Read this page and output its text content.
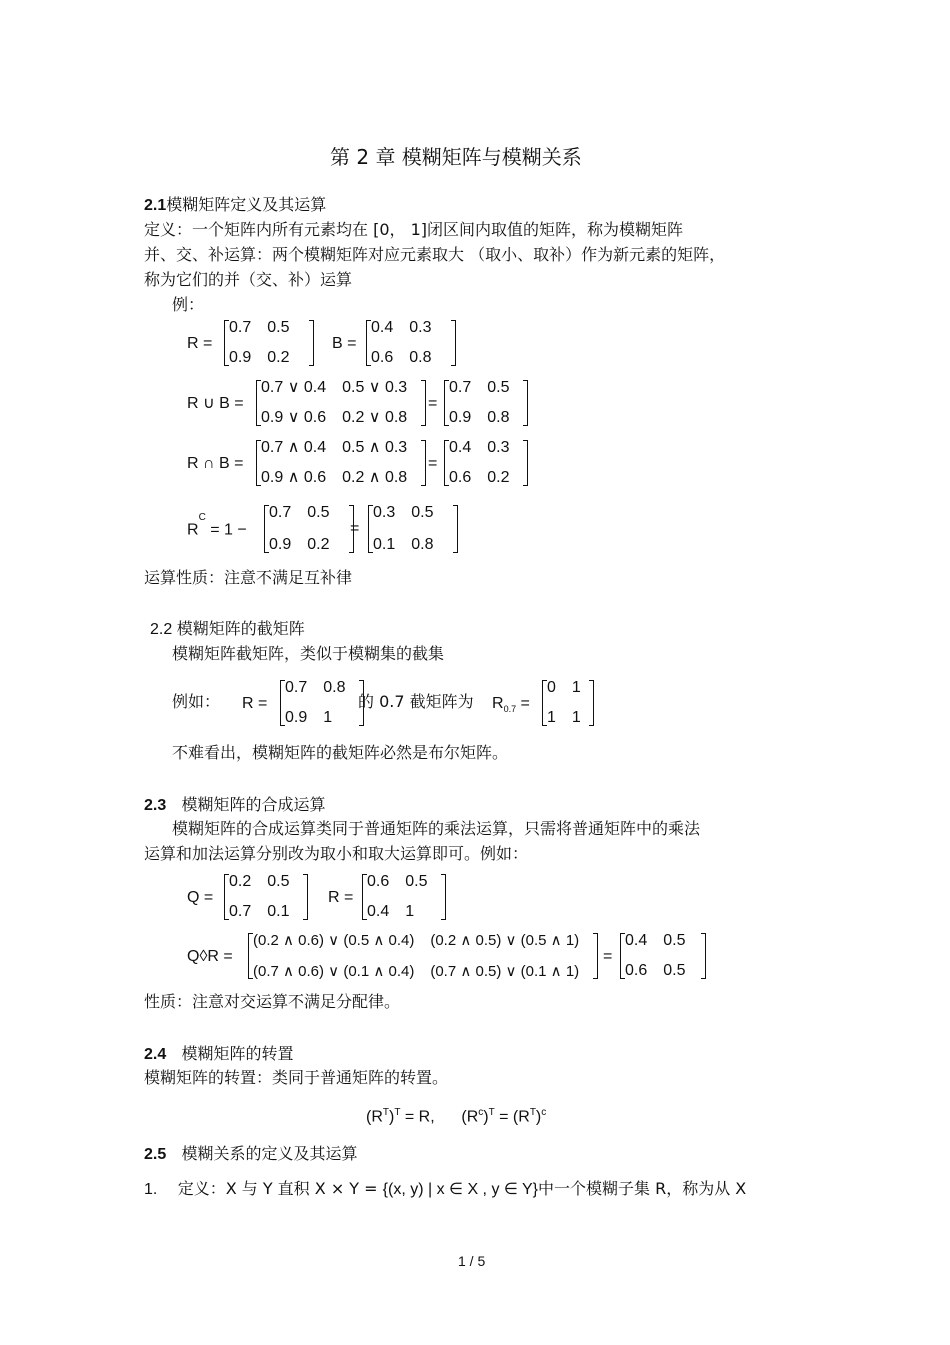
第 2 章 模糊矩阵与模糊关系
2.1模糊矩阵定义及其运算
定义：一个矩阵内所有元素均在 [0， 1]闭区间内取值的矩阵，称为模糊矩阵
并、交、补运算：两个模糊矩阵对应元素取大 （取小、取补）作为新元素的矩阵，
称为它们的并（交、补）运算
例：
R =
0.7 0.5
0.9 0.2
B =
0.4 0.3
0.6 0.8
R ∪ B =
0.7 ∨ 0.4 0.5 ∨ 0.3
0.9 ∨ 0.6 0.2 ∨ 0.8
=
0.7 0.5
0.9 0.8
R ∩ B =
0.7 ∧ 0.4 0.5 ∧ 0.3
0.9 ∧ 0.6 0.2 ∧ 0.8
=
0.4 0.3
0.6 0.2
$R^C = 1$ −
0.7 0.5
0.9 0.2
=
0.3 0.5
0.1 0.8
运算性质：注意不满足互补律
2.2 模糊矩阵的截矩阵
模糊矩阵截矩阵，类似于模糊集的截集
例如： R =
0.7 0.8
0.9 1
的 0.7 截矩阵为 $R_{0.7}$ =
0 1
1 1
不难看出，模糊矩阵的截矩阵必然是布尔矩阵。
2.3 模糊矩阵的合成运算
模糊矩阵的合成运算类同于普通矩阵的乘法运算，只需将普通矩阵中的乘法
运算和加法运算分别改为取小和取大运算即可。例如：
Q =
0.2 0.5
0.7 0.1
R =
0.6 0.5
0.4 1
Q◊R =
(0.2 ∧ 0.6) ∨ (0.5 ∧ 0.4) (0.2 ∧ 0.5) ∨ (0.5 ∧ 1)
(0.7 ∧ 0.6) ∨ (0.1 ∧ 0.4) (0.7 ∧ 0.5) ∨ (0.1 ∧ 1)
=
0.4 0.5
0.6 0.5
性质：注意对交运算不满足分配律。
2.4 模糊矩阵的转置
模糊矩阵的转置：类同于普通矩阵的转置。
$(R^T)^T = R$, $(R^c)^T = (R^T)^c$
2.5 模糊关系的定义及其运算
1. 定义：X 与 Y 直积 X × Y = {(x, y) | x ∈ X , y ∈ Y}中一个模糊子集 R，称为从 X
1 / 5
